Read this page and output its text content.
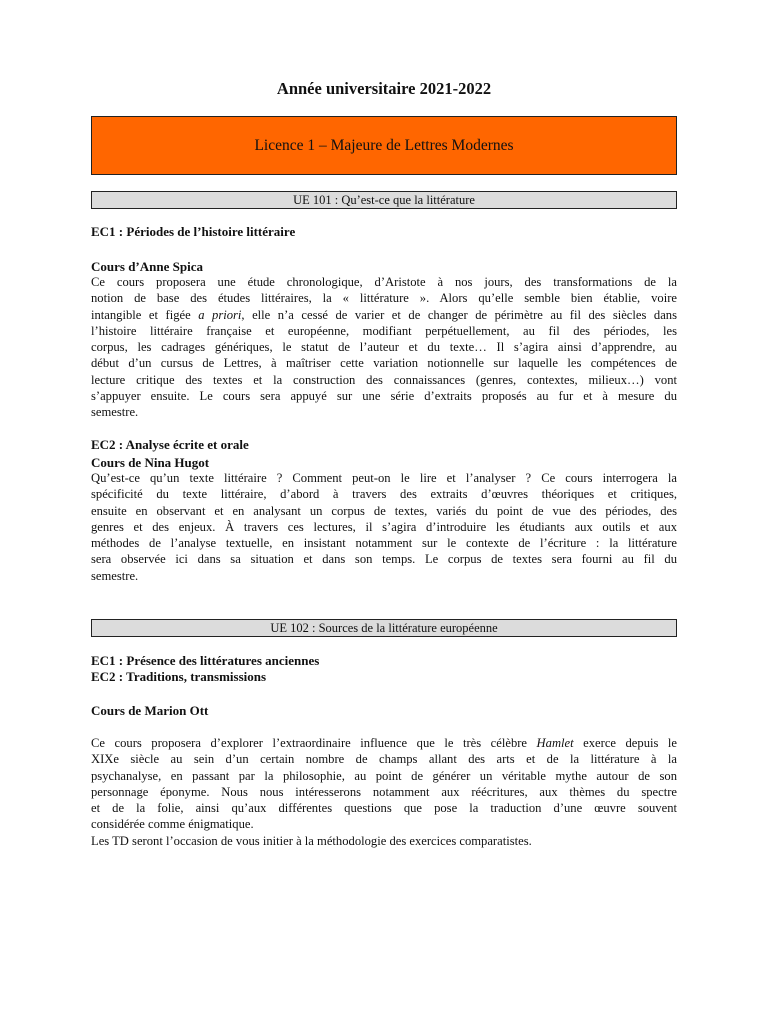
Année universitaire 2021-2022
Licence 1 – Majeure de Lettres Modernes
UE 101 : Qu’est-ce que la littérature
EC1 : Périodes de l’histoire littéraire
Cours d’Anne Spica
Ce cours proposera une étude chronologique, d’Aristote à nos jours, des transformations de la
notion de base des études littéraires, la « littérature ». Alors qu’elle semble bien établie, voire
intangible et figée a priori, elle n’a cessé de varier et de changer de périmètre au fil des siècles dans
l’histoire littéraire française et européenne, modifiant perpétuellement, au fil des périodes, les
corpus, les cadrages génériques, le statut de l’auteur et du texte… Il s’agira ainsi d’apprendre, au
début d’un cursus de Lettres, à maîtriser cette variation notionnelle sur laquelle les compétences de
lecture critique des textes et la construction des connaissances (genres, contextes, milieux…) vont
s’appuyer ensuite. Le cours sera appuyé sur une série d’extraits proposés au fur et à mesure du
semestre.
EC2 : Analyse écrite et orale
Cours de Nina Hugot
Qu’est-ce qu’un texte littéraire ? Comment peut-on le lire et l’analyser ? Ce cours interrogera la
spécificité du texte littéraire, d’abord à travers des extraits d’œuvres théoriques et critiques,
ensuite en observant et en analysant un corpus de textes, variés du point de vue des périodes, des
genres et des enjeux. À travers ces lectures, il s’agira d’introduire les étudiants aux outils et aux
méthodes de l’analyse textuelle, en insistant notamment sur le contexte de l’écriture : la littérature
sera observée ici dans sa situation et dans son temps. Le corpus de textes sera fourni au fil du
semestre.
UE 102 : Sources de la littérature européenne
EC1 : Présence des littératures anciennes
EC2 : Traditions, transmissions
Cours de Marion Ott
Ce cours proposera d’explorer l’extraordinaire influence que le très célèbre Hamlet exerce depuis le
XIXe siècle au sein d’un certain nombre de champs allant des arts et de la littérature à la
psychanalyse, en passant par la philosophie, au point de générer un véritable mythe autour de son
personnage éponyme. Nous nous intéresserons notamment aux réécritures, aux thèmes du spectre
et de la folie, ainsi qu’aux différentes questions que pose la traduction d’une œuvre souvent
considérée comme énigmatique.
Les TD seront l’occasion de vous initier à la méthodologie des exercices comparatistes.
